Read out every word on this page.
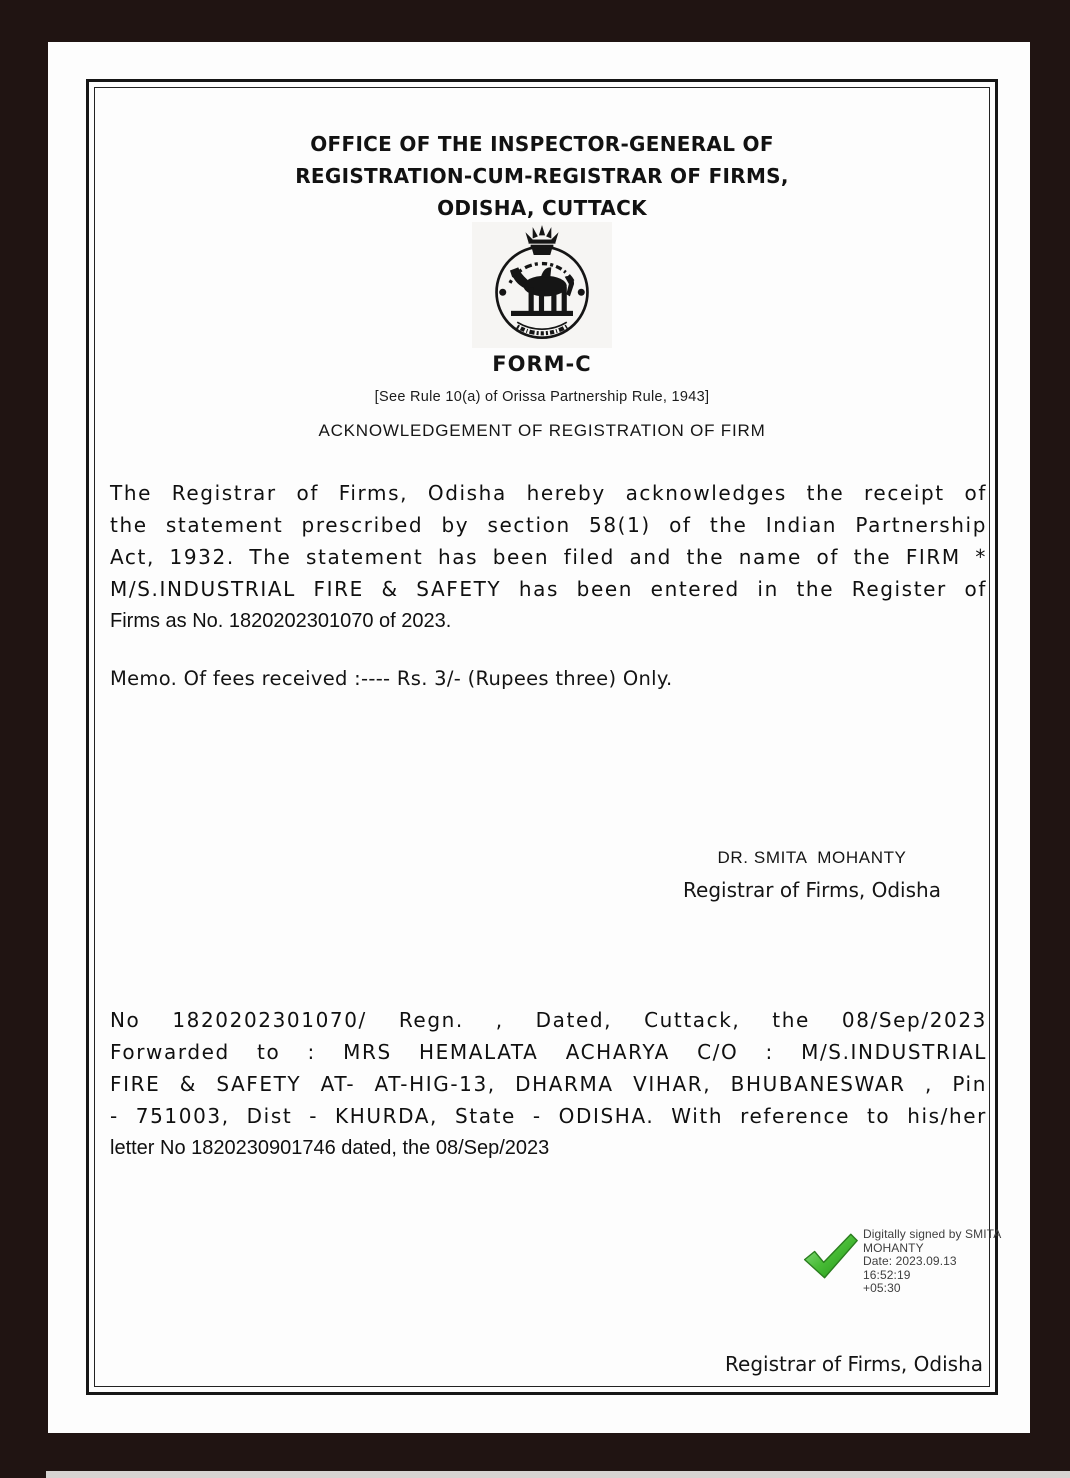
OFFICE OF THE INSPECTOR-GENERAL OF
REGISTRATION-CUM-REGISTRAR OF FIRMS,
ODISHA, CUTTACK
FORM-C
[See Rule 10(a) of Orissa Partnership Rule, 1943]
ACKNOWLEDGEMENT OF REGISTRATION OF FIRM
The Registrar of Firms, Odisha hereby acknowledges the receipt of
the statement prescribed by section 58(1) of the Indian Partnership
Act, 1932. The statement has been filed and the name of the FIRM *
M/S.INDUSTRIAL FIRE & SAFETY has been entered in the Register of
Firms as No. 1820202301070 of 2023.
Memo. Of fees received :---- Rs. 3/- (Rupees three) Only.
DR. SMITA  MOHANTY
Registrar of Firms, Odisha
No 1820202301070/ Regn. , Dated, Cuttack, the 08/Sep/2023
Forwarded to : MRS HEMALATA ACHARYA C/O : M/S.INDUSTRIAL
FIRE & SAFETY AT- AT-HIG-13, DHARMA VIHAR, BHUBANESWAR , Pin
- 751003, Dist - KHURDA, State - ODISHA. With reference to his/her
letter No 1820230901746 dated, the 08/Sep/2023
Digitally signed by SMITA
MOHANTY
Date: 2023.09.13 16:52:19
+05:30
Registrar of Firms, Odisha
